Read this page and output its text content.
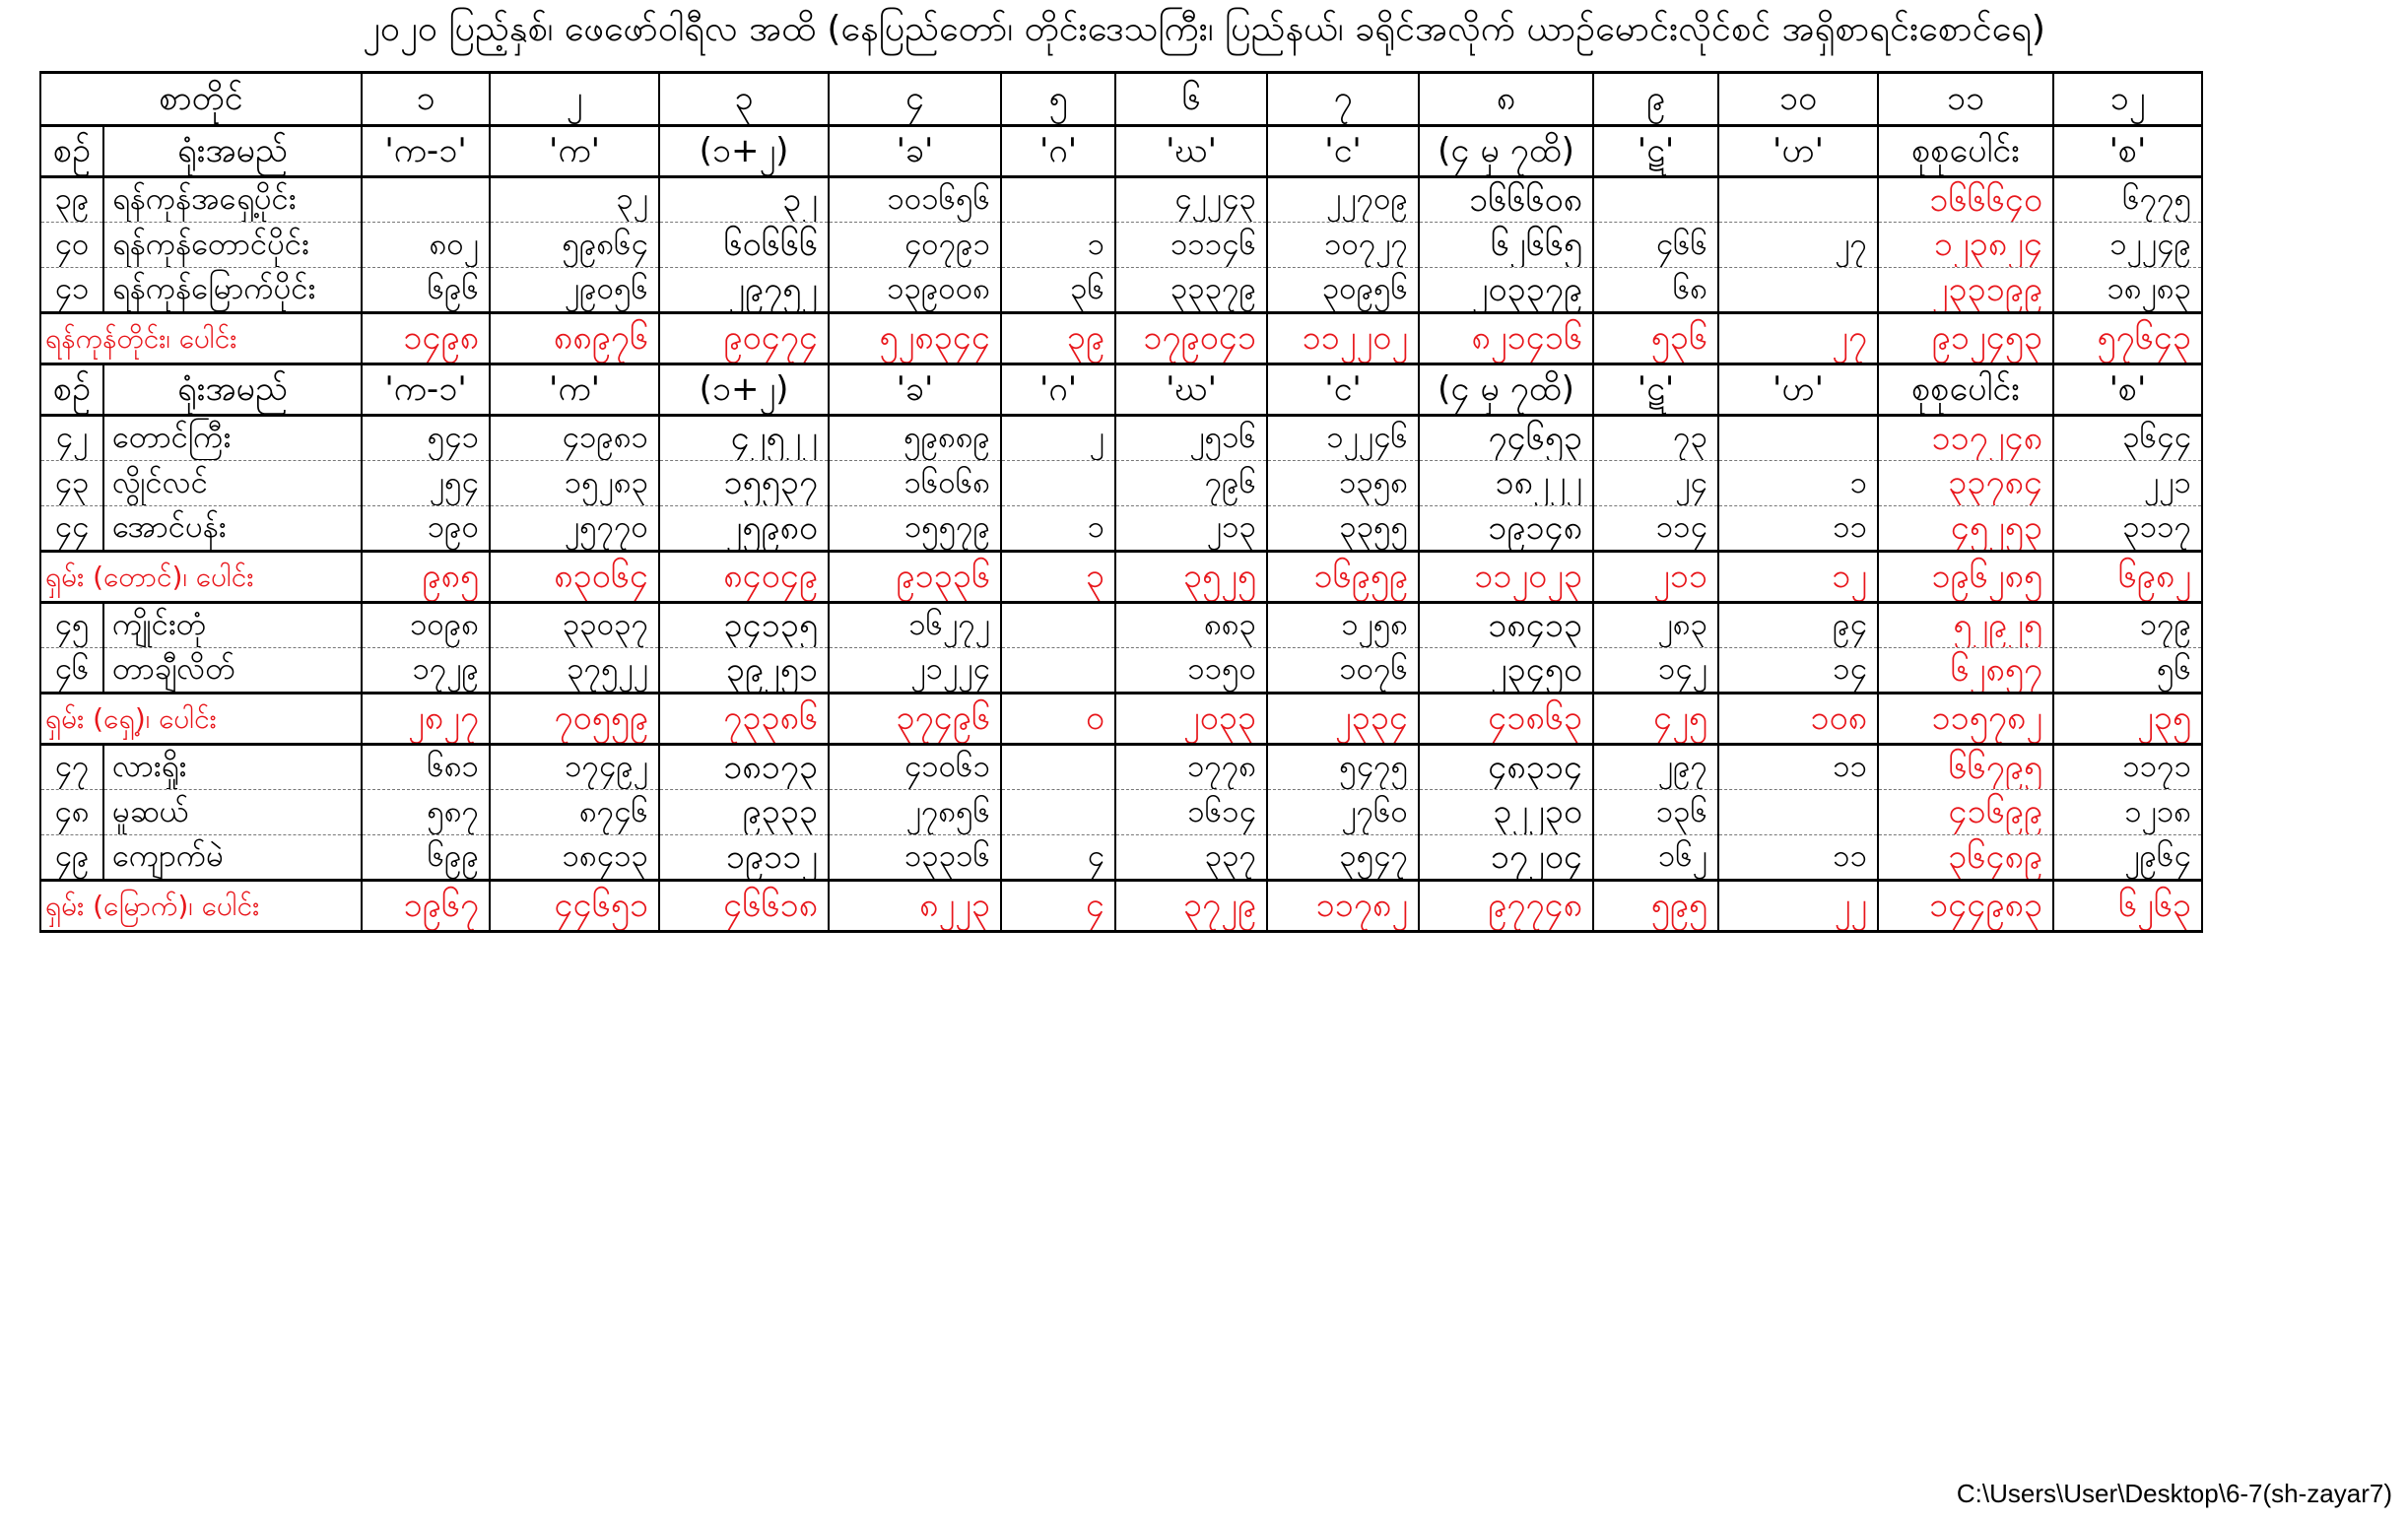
၂၀၂၀ ပြည့်နှစ်၊ ဖေဖော်ဝါရီလ အထိ (နေပြည်တော်၊ တိုင်းဒေသကြီး၊ ပြည်နယ်၊ ခရိုင်အလိုက် ယာဉ်မောင်းလိုင်စင် အရှိစာရင်းစောင်ရေ)
စာတိုင်		၁	၂	၃	၄	၅	၆	၇	၈	၉	၁၀	၁၁	၁၂
စဉ်	ရုံးအမည်	'က-၁'	'က'	(၁+၂)	'ခ'	'ဂ'	'ဃ'	'င'	(၄ မှ ၇ထိ)	'ဋ'	'ဟ'	စုစုပေါင်း	'စ'
၃၉	ရန်ကုန်အရှေ့ပိုင်း		၃၂	၃၂	၁၀၁၆၅၆		၄၂၂၄၃	၂၂၇၀၉	၁၆၆၆၀၈			၁၆၆၆၄၀	၆၇၇၅
၄၀	ရန်ကုန်တောင်ပိုင်း	၈၀၂	၅၉၈၆၄	၆၀၆၆၆	၄၀၇၉၁	၁	၁၁၁၄၆	၁၀၇၂၇	၆၂၆၆၅	၄၆၆	၂၇	၁၂၃၈၂၄	၁၂၂၄၉
၄၁	ရန်ကုန်မြောက်ပိုင်း	၆၉၆	၂၉၀၅၆	၂၉၇၅၂	၁၃၉၀၀၈	၃၆	၃၃၃၇၉	၃၀၉၅၆	၂၀၃၃၇၉	၆၈		၂၃၃၁၉၉	၁၈၂၈၃
ရန်ကုန်တိုင်း၊ ပေါင်း		၁၄၉၈	၈၈၉၇၆	၉၀၄၇၄	၅၂၈၃၄၄	၃၉	၁၇၉၀၄၁	၁၁၂၂၀၂	၈၂၁၄၁၆	၅၃၆	၂၇	၉၁၂၄၅၃	၅၇၆၄၃
စဉ်	ရုံးအမည်	'က-၁'	'က'	(၁+၂)	'ခ'	'ဂ'	'ဃ'	'င'	(၄ မှ ၇ထိ)	'ဋ'	'ဟ'	စုစုပေါင်း	'စ'
၄၂	တောင်ကြီး	၅၄၁	၄၁၉၈၁	၄၂၅၂၂	၅၉၈၈၉	၂	၂၅၁၆	၁၂၂၄၆	၇၄၆၅၃	၇၃		၁၁၇၂၄၈	၃၆၄၄
၄၃	လွိုင်လင်	၂၅၄	၁၅၂၈၃	၁၅၅၃၇	၁၆၀၆၈		၇၉၆	၁၃၅၈	၁၈၂၂၂	၂၄	၁	၃၃၇၈၄	၂၂၁
၄၄	အောင်ပန်း	၁၉၀	၂၅၇၇၀	၂၅၉၈၀	၁၅၅၇၉	၁	၂၁၃	၃၃၅၅	၁၉၁၄၈	၁၁၄	၁၁	၄၅၂၅၃	၃၁၁၇
ရှမ်း (တောင်)၊ ပေါင်း		၉၈၅	၈၃၀၆၄	၈၄၀၄၉	၉၁၃၃၆	၃	၃၅၂၅	၁၆၉၅၉	၁၁၂၀၂၃	၂၁၁	၁၂	၁၉၆၂၈၅	၆၉၈၂
၄၅	ကျိုင်းတုံ	၁၀၉၈	၃၃၀၃၇	၃၄၁၃၅	၁၆၂၇၂		၈၈၃	၁၂၅၈	၁၈၄၁၃	၂၈၃	၉၄	၅၂၉၂၅	၁၇၉
၄၆	တာချီလိတ်	၁၇၂၉	၃၇၅၂၂	၃၉၂၅၁	၂၁၂၂၄		၁၁၅၀	၁၀၇၆	၂၃၄၅၀	၁၄၂	၁၄	၆၂၈၅၇	၅၆
ရှမ်း (ရှေ့)၊ ပေါင်း		၂၈၂၇	၇၀၅၅၉	၇၃၃၈၆	၃၇၄၉၆	၀	၂၀၃၃	၂၃၃၄	၄၁၈၆၃	၄၂၅	၁၀၈	၁၁၅၇၈၂	၂၃၅
၄၇	လားရှိုး	၆၈၁	၁၇၄၉၂	၁၈၁၇၃	၄၁၀၆၁		၁၇၇၈	၅၄၇၅	၄၈၃၁၄	၂၉၇	၁၁	၆၆၇၉၅	၁၁၇၁
၄၈	မူဆယ်	၅၈၇	၈၇၄၆	၉၃၃၃	၂၇၈၅၆		၁၆၁၄	၂၇၆၀	၃၂၂၃၀	၁၃၆		၄၁၆၉၉	၁၂၁၈
၄၉	ကျောက်မဲ	၆၉၉	၁၈၄၁၃	၁၉၁၁၂	၁၃၃၁၆	၄	၃၃၇	၃၅၄၇	၁၇၂၀၄	၁၆၂	၁၁	၃၆၄၈၉	၂၉၆၄
ရှမ်း (မြောက်)၊ ပေါင်း		၁၉၆၇	၄၄၆၅၁	၄၆၆၁၈	၈၂၂၃	၄	၃၇၂၉	၁၁၇၈၂	၉၇၇၄၈	၅၉၅	၂၂	၁၄၄၉၈၃	၆၂၆၃
C:\Users\User\Desktop\6-7(sh-zayar7)
